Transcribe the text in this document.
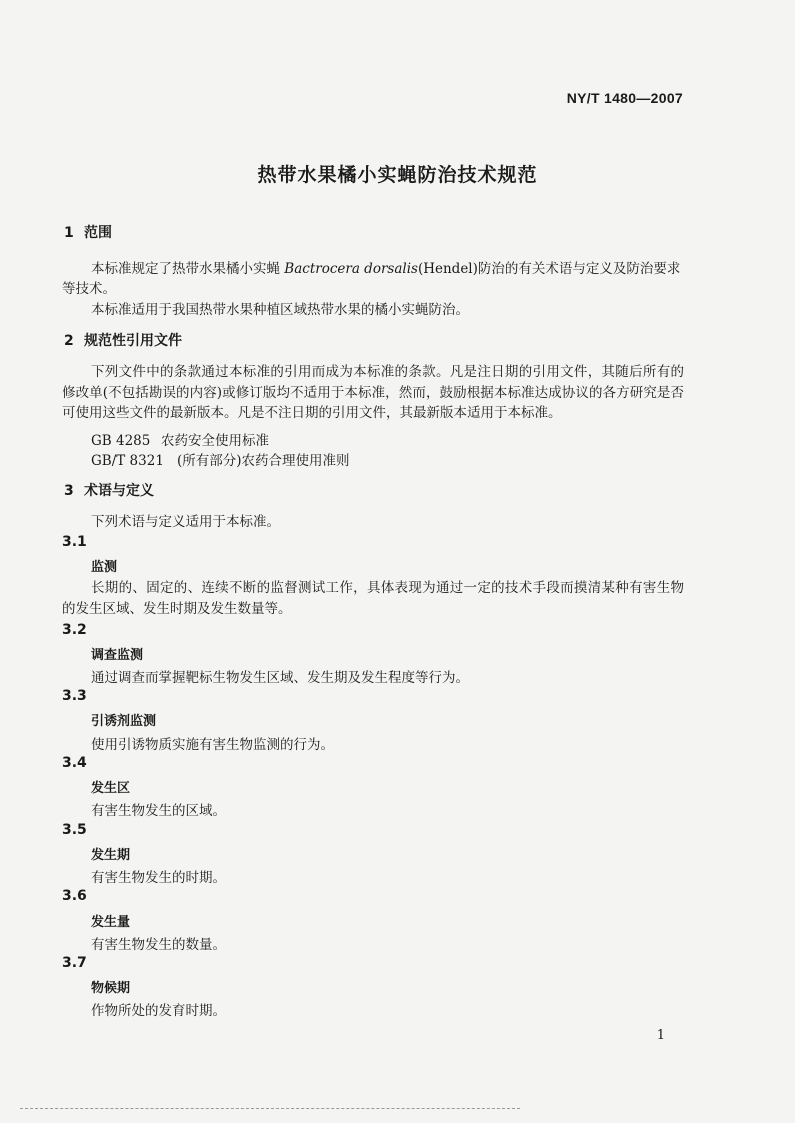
NY/T 1480—2007
热带水果橘小实蝇防治技术规范
1 范围
本标准规定了热带水果橘小实蝇 Bactrocera dorsalis(Hendel)防治的有关术语与定义及防治要求
等技术。
本标准适用于我国热带水果种植区域热带水果的橘小实蝇防治。
2 规范性引用文件
下列文件中的条款通过本标准的引用而成为本标准的条款。凡是注日期的引用文件，其随后所有的修改单(不包括勘误的内容)或修订版均不适用于本标准，然而，鼓励根据本标准达成协议的各方研究是否可使用这些文件的最新版本。凡是不注日期的引用文件，其最新版本适用于本标准。
GB 4285 农药安全使用标准
GB/T 8321 (所有部分)农药合理使用准则
3 术语与定义
下列术语与定义适用于本标准。
3.1
监测
长期的、固定的、连续不断的监督测试工作，具体表现为通过一定的技术手段而摸清某种有害生物的发生区域、发生时期及发生数量等。
3.2
调查监测
通过调查而掌握靶标生物发生区域、发生期及发生程度等行为。
3.3
引诱剂监测
使用引诱物质实施有害生物监测的行为。
3.4
发生区
有害生物发生的区域。
3.5
发生期
有害生物发生的时期。
3.6
发生量
有害生物发生的数量。
3.7
物候期
作物所处的发育时期。
1
